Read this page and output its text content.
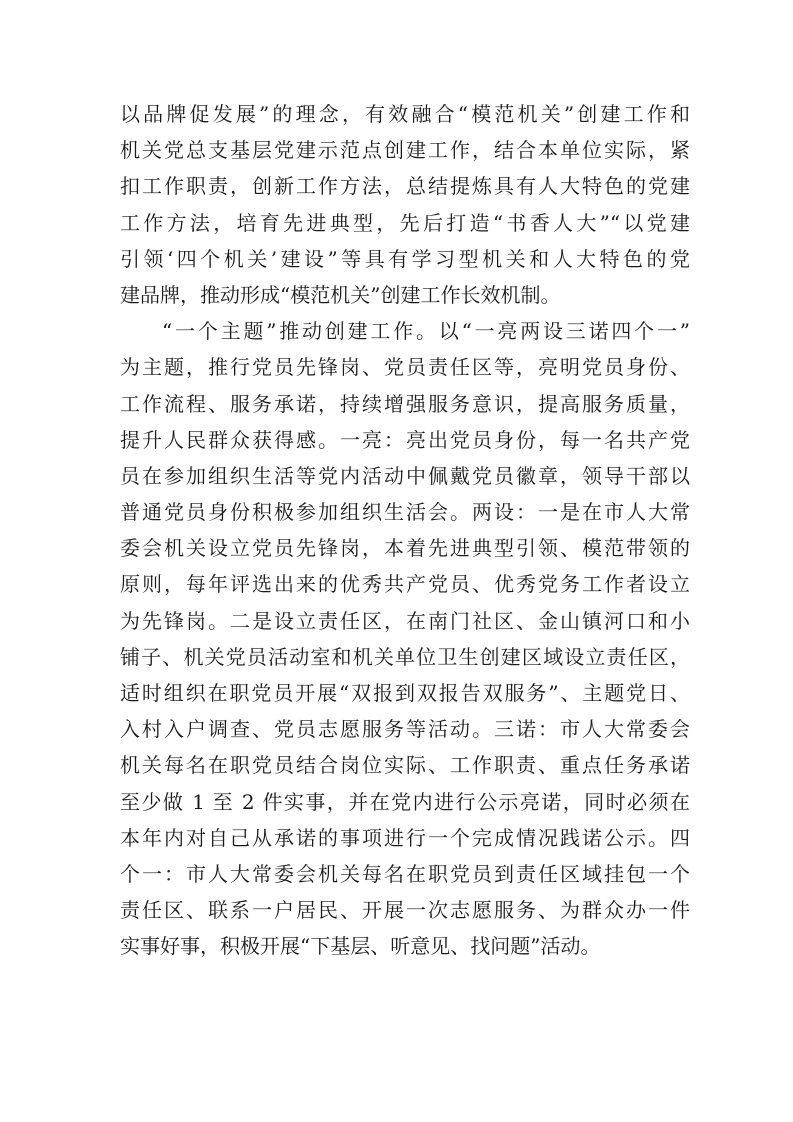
以品牌促发展”的理念，有效融合“模范机关”创建工作和
机关党总支基层党建示范点创建工作，结合本单位实际，紧
扣工作职责，创新工作方法，总结提炼具有人大特色的党建
工作方法，培育先进典型，先后打造“书香人大”“以党建
引领‘四个机关’建设”等具有学习型机关和人大特色的党
建品牌，推动形成“模范机关”创建工作长效机制。
“一个主题”推动创建工作。以“一亮两设三诺四个一”
为主题，推行党员先锋岗、党员责任区等，亮明党员身份、
工作流程、服务承诺，持续增强服务意识，提高服务质量，
提升人民群众获得感。一亮：亮出党员身份，每一名共产党
员在参加组织生活等党内活动中佩戴党员徽章，领导干部以
普通党员身份积极参加组织生活会。两设：一是在市人大常
委会机关设立党员先锋岗，本着先进典型引领、模范带领的
原则，每年评选出来的优秀共产党员、优秀党务工作者设立
为先锋岗。二是设立责任区，在南门社区、金山镇河口和小
铺子、机关党员活动室和机关单位卫生创建区域设立责任区，
适时组织在职党员开展“双报到双报告双服务”、主题党日、
入村入户调查、党员志愿服务等活动。三诺：市人大常委会
机关每名在职党员结合岗位实际、工作职责、重点任务承诺
至少做 1 至 2 件实事，并在党内进行公示亮诺，同时必须在
本年内对自己从承诺的事项进行一个完成情况践诺公示。四
个一：市人大常委会机关每名在职党员到责任区域挂包一个
责任区、联系一户居民、开展一次志愿服务、为群众办一件
实事好事，积极开展“下基层、听意见、找问题”活动。
